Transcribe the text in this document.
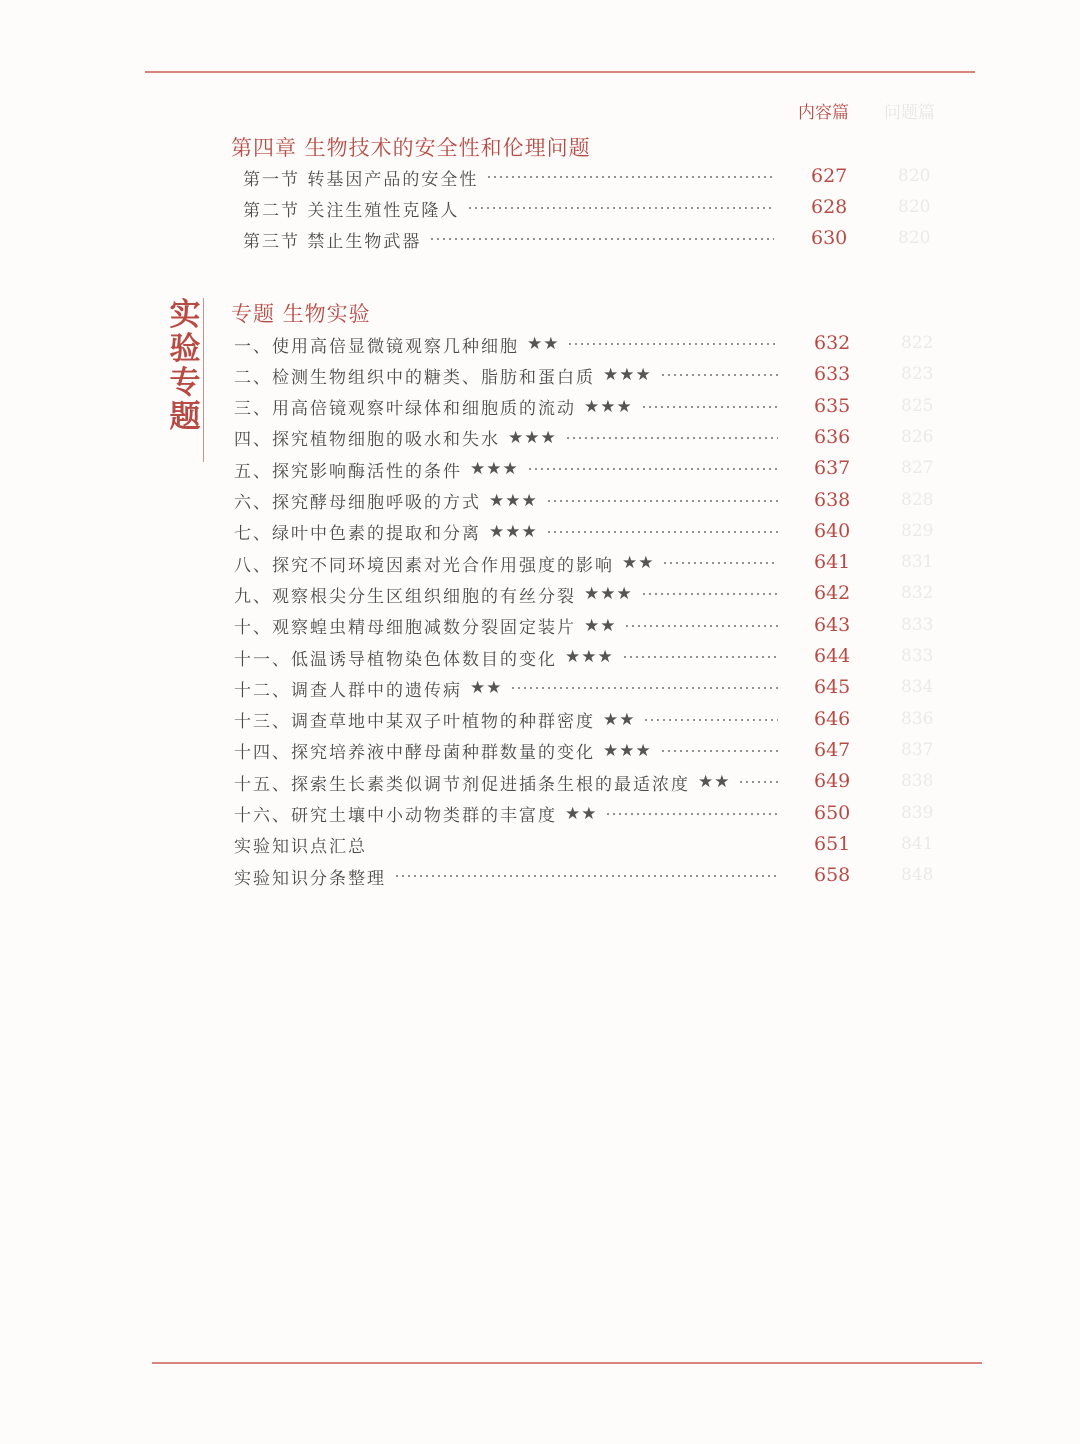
内容篇 问题篇
第四章 生物技术的安全性和伦理问题
实验专题
专题 生物实验
第一节 转基因产品的安全性	627	820
第二节 关注生殖性克隆人	628	820
第三节 禁止生物武器	630	820
一、使用高倍显微镜观察几种细胞 ★★	632	822
二、检测生物组织中的糖类、脂肪和蛋白质 ★★★	633	823
三、用高倍镜观察叶绿体和细胞质的流动 ★★★	635	825
四、探究植物细胞的吸水和失水 ★★★	636	826
五、探究影响酶活性的条件 ★★★	637	827
六、探究酵母细胞呼吸的方式 ★★★	638	828
七、绿叶中色素的提取和分离 ★★★	640	829
八、探究不同环境因素对光合作用强度的影响 ★★	641	831
九、观察根尖分生区组织细胞的有丝分裂 ★★★	642	832
十、观察蝗虫精母细胞减数分裂固定装片 ★★	643	833
十一、低温诱导植物染色体数目的变化 ★★★	644	833
十二、调查人群中的遗传病 ★★	645	834
十三、调查草地中某双子叶植物的种群密度 ★★	646	836
十四、探究培养液中酵母菌种群数量的变化 ★★★	647	837
十五、探索生长素类似调节剂促进插条生根的最适浓度 ★★	649	838
十六、研究土壤中小动物类群的丰富度 ★★	650	839
实验知识点汇总	651	841
实验知识分条整理	658	848
